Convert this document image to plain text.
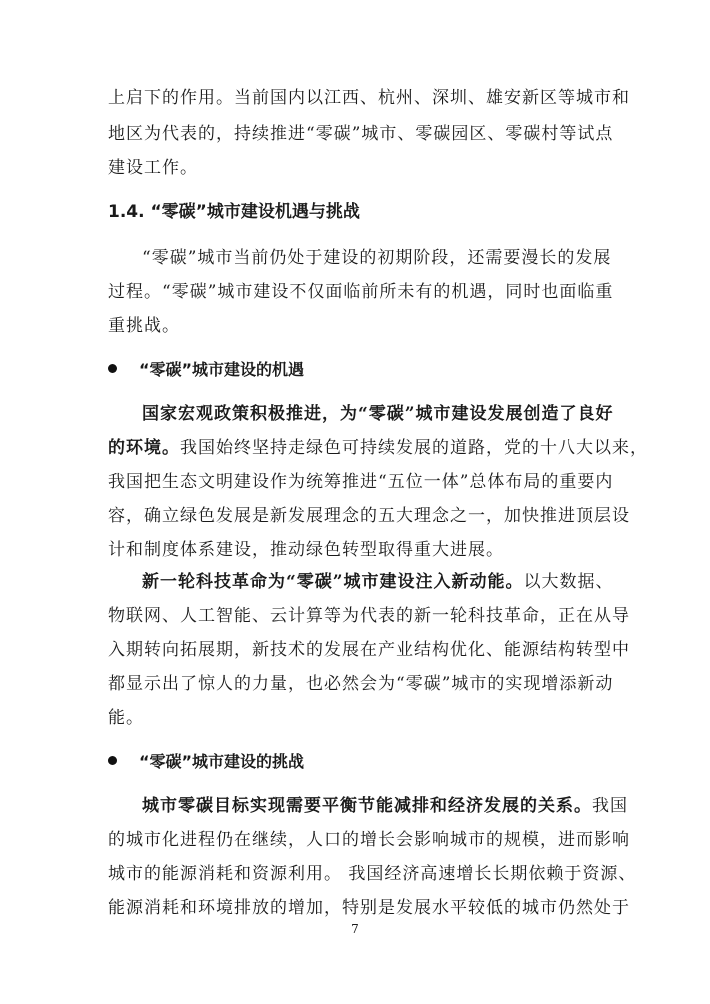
上启下的作用。当前国内以江西、杭州、深圳、雄安新区等城市和
地区为代表的，持续推进“零碳”城市、零碳园区、零碳村等试点
建设工作。
1.4. “零碳”城市建设机遇与挑战
“零碳”城市当前仍处于建设的初期阶段，还需要漫长的发展
过程。“零碳”城市建设不仅面临前所未有的机遇，同时也面临重
重挑战。
“零碳”城市建设的机遇
国家宏观政策积极推进，为“零碳”城市建设发展创造了良好
的环境。我国始终坚持走绿色可持续发展的道路，党的十八大以来，
我国把生态文明建设作为统筹推进“五位一体”总体布局的重要内
容，确立绿色发展是新发展理念的五大理念之一，加快推进顶层设
计和制度体系建设，推动绿色转型取得重大进展。
新一轮科技革命为“零碳”城市建设注入新动能。以大数据、
物联网、人工智能、云计算等为代表的新一轮科技革命，正在从导
入期转向拓展期，新技术的发展在产业结构优化、能源结构转型中
都显示出了惊人的力量，也必然会为“零碳”城市的实现增添新动
能。
“零碳”城市建设的挑战
城市零碳目标实现需要平衡节能减排和经济发展的关系。我国
的城市化进程仍在继续，人口的增长会影响城市的规模，进而影响
城市的能源消耗和资源利用。 我国经济高速增长长期依赖于资源、
能源消耗和环境排放的增加，特别是发展水平较低的城市仍然处于
7
